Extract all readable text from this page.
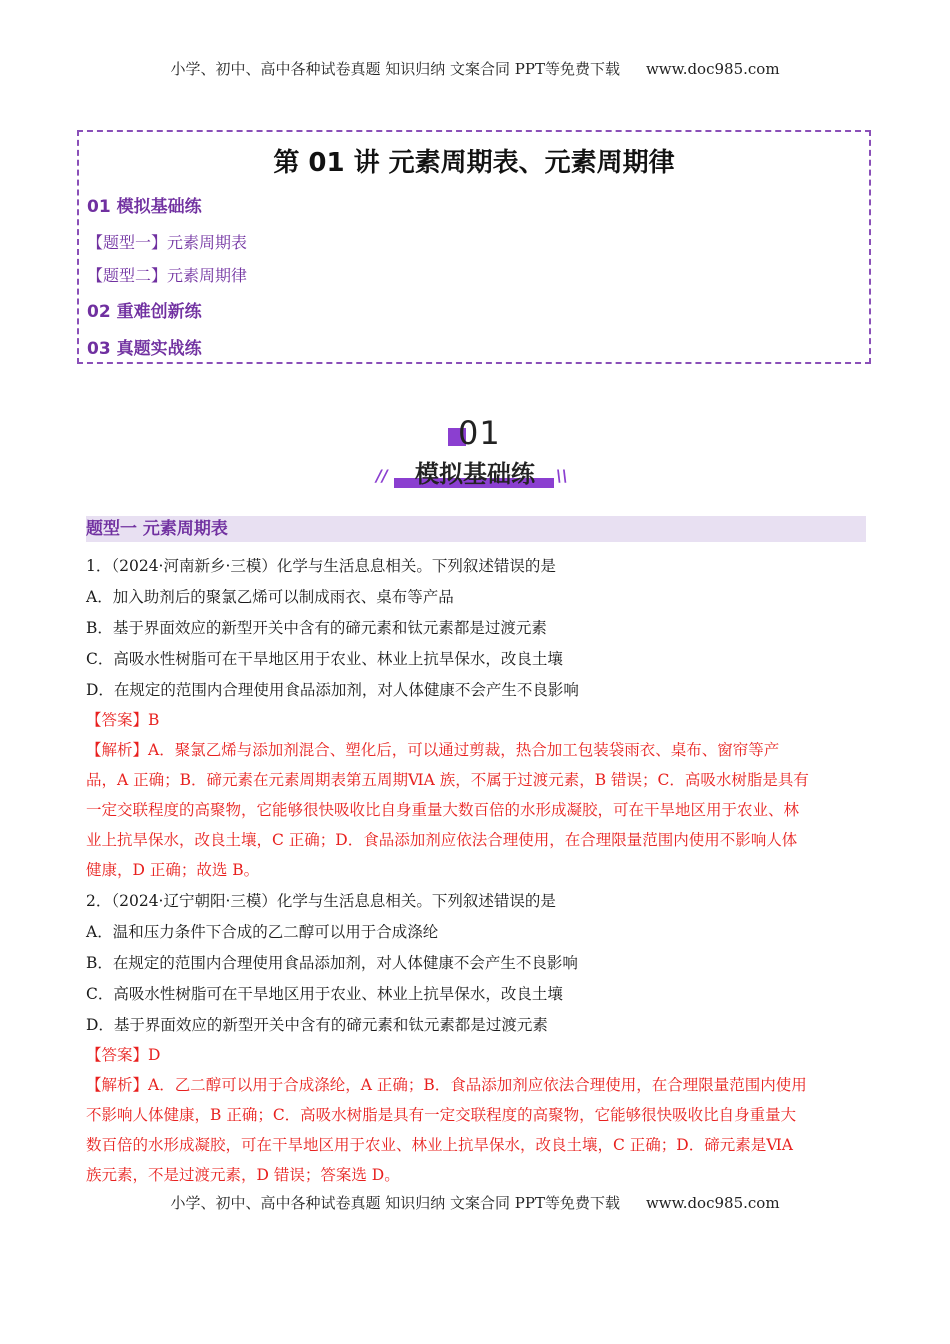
小学、初中、高中各种试卷真题 知识归纳 文案合同 PPT等免费下载 www.doc985.com
第 01 讲 元素周期表、元素周期律
01 模拟基础练
【题型一】元素周期表
【题型二】元素周期律
02 重难创新练
03 真题实战练
01
模拟基础练
//	\\
题型一 元素周期表
1．（2024·河南新乡·三模）化学与生活息息相关。下列叙述错误的是
A．加入助剂后的聚氯乙烯可以制成雨衣、桌布等产品
B．基于界面效应的新型开关中含有的碲元素和钛元素都是过渡元素
C．高吸水性树脂可在干旱地区用于农业、林业上抗旱保水，改良土壤
D．在规定的范围内合理使用食品添加剂，对人体健康不会产生不良影响
【答案】B
【解析】A．聚氯乙烯与添加剂混合、塑化后，可以通过剪裁，热合加工包装袋雨衣、桌布、窗帘等产
品，A 正确；B．碲元素在元素周期表第五周期ⅥA 族，不属于过渡元素，B 错误；C．高吸水树脂是具有
一定交联程度的高聚物，它能够很快吸收比自身重量大数百倍的水形成凝胶，可在干旱地区用于农业、林
业上抗旱保水，改良土壤，C 正确；D．食品添加剂应依法合理使用，在合理限量范围内使用不影响人体
健康，D 正确；故选 B。
2．（2024·辽宁朝阳·三模）化学与生活息息相关。下列叙述错误的是
A．温和压力条件下合成的乙二醇可以用于合成涤纶
B．在规定的范围内合理使用食品添加剂，对人体健康不会产生不良影响
C．高吸水性树脂可在干旱地区用于农业、林业上抗旱保水，改良土壤
D．基于界面效应的新型开关中含有的碲元素和钛元素都是过渡元素
【答案】D
【解析】A．乙二醇可以用于合成涤纶，A 正确；B．食品添加剂应依法合理使用，在合理限量范围内使用
不影响人体健康，B 正确；C．高吸水树脂是具有一定交联程度的高聚物，它能够很快吸收比自身重量大
数百倍的水形成凝胶，可在干旱地区用于农业、林业上抗旱保水，改良土壤，C 正确；D．碲元素是ⅥA
族元素，不是过渡元素，D 错误；答案选 D。
小学、初中、高中各种试卷真题 知识归纳 文案合同 PPT等免费下载 www.doc985.com
